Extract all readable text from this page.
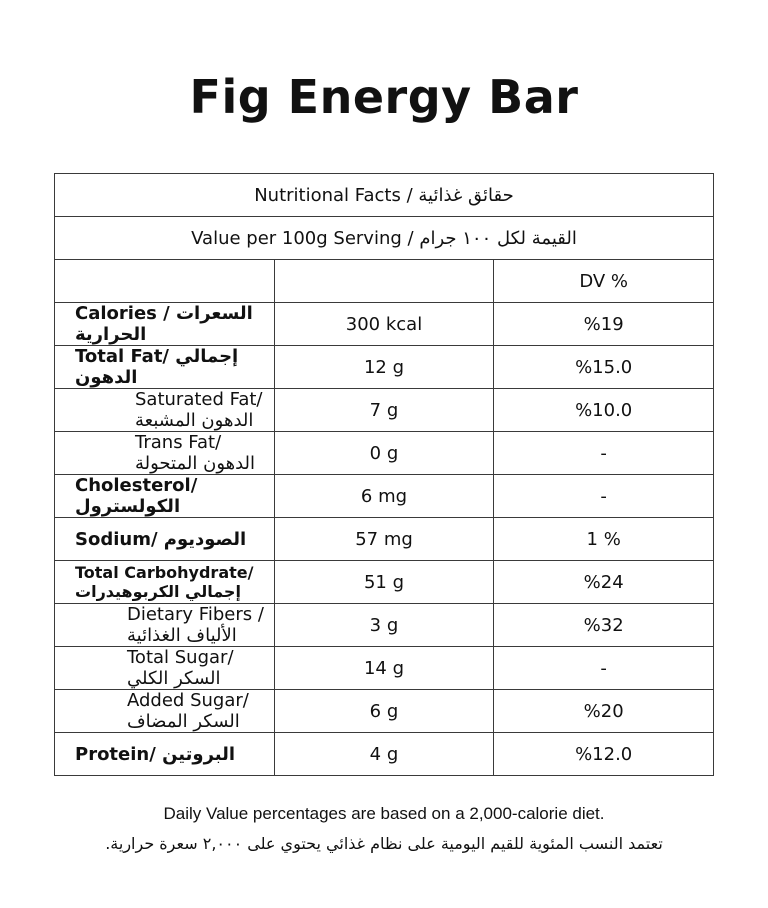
Fig Energy Bar
Nutritional Facts / حقائق غذائية		
Value per 100g Serving / القيمة لكل ١٠٠ جرام		
		DV %
Calories / السعرات الحرارية	300 kcal	%19
Total Fat/ إجمالي الدهون	12 g	%15.0
Saturated Fat/ الدهون المشبعة	7 g	%10.0
Trans Fat/ الدهون المتحولة	0 g	-
Cholesterol/ الكولسترول	6 mg	-
Sodium/ الصوديوم	57 mg	1 %
Total Carbohydrate/ إجمالي الكربوهيدرات	51 g	%24
Dietary Fibers / الألياف الغذائية	3 g	%32
Total Sugar/ السكر الكلي	14 g	-
Added Sugar/ السكر المضاف	6 g	%20
Protein/ البروتين	4 g	%12.0
Daily Value percentages are based on a 2,000-calorie diet.
تعتمد النسب المئوية للقيم اليومية على نظام غذائي يحتوي على ٢,٠٠٠ سعرة حرارية.
